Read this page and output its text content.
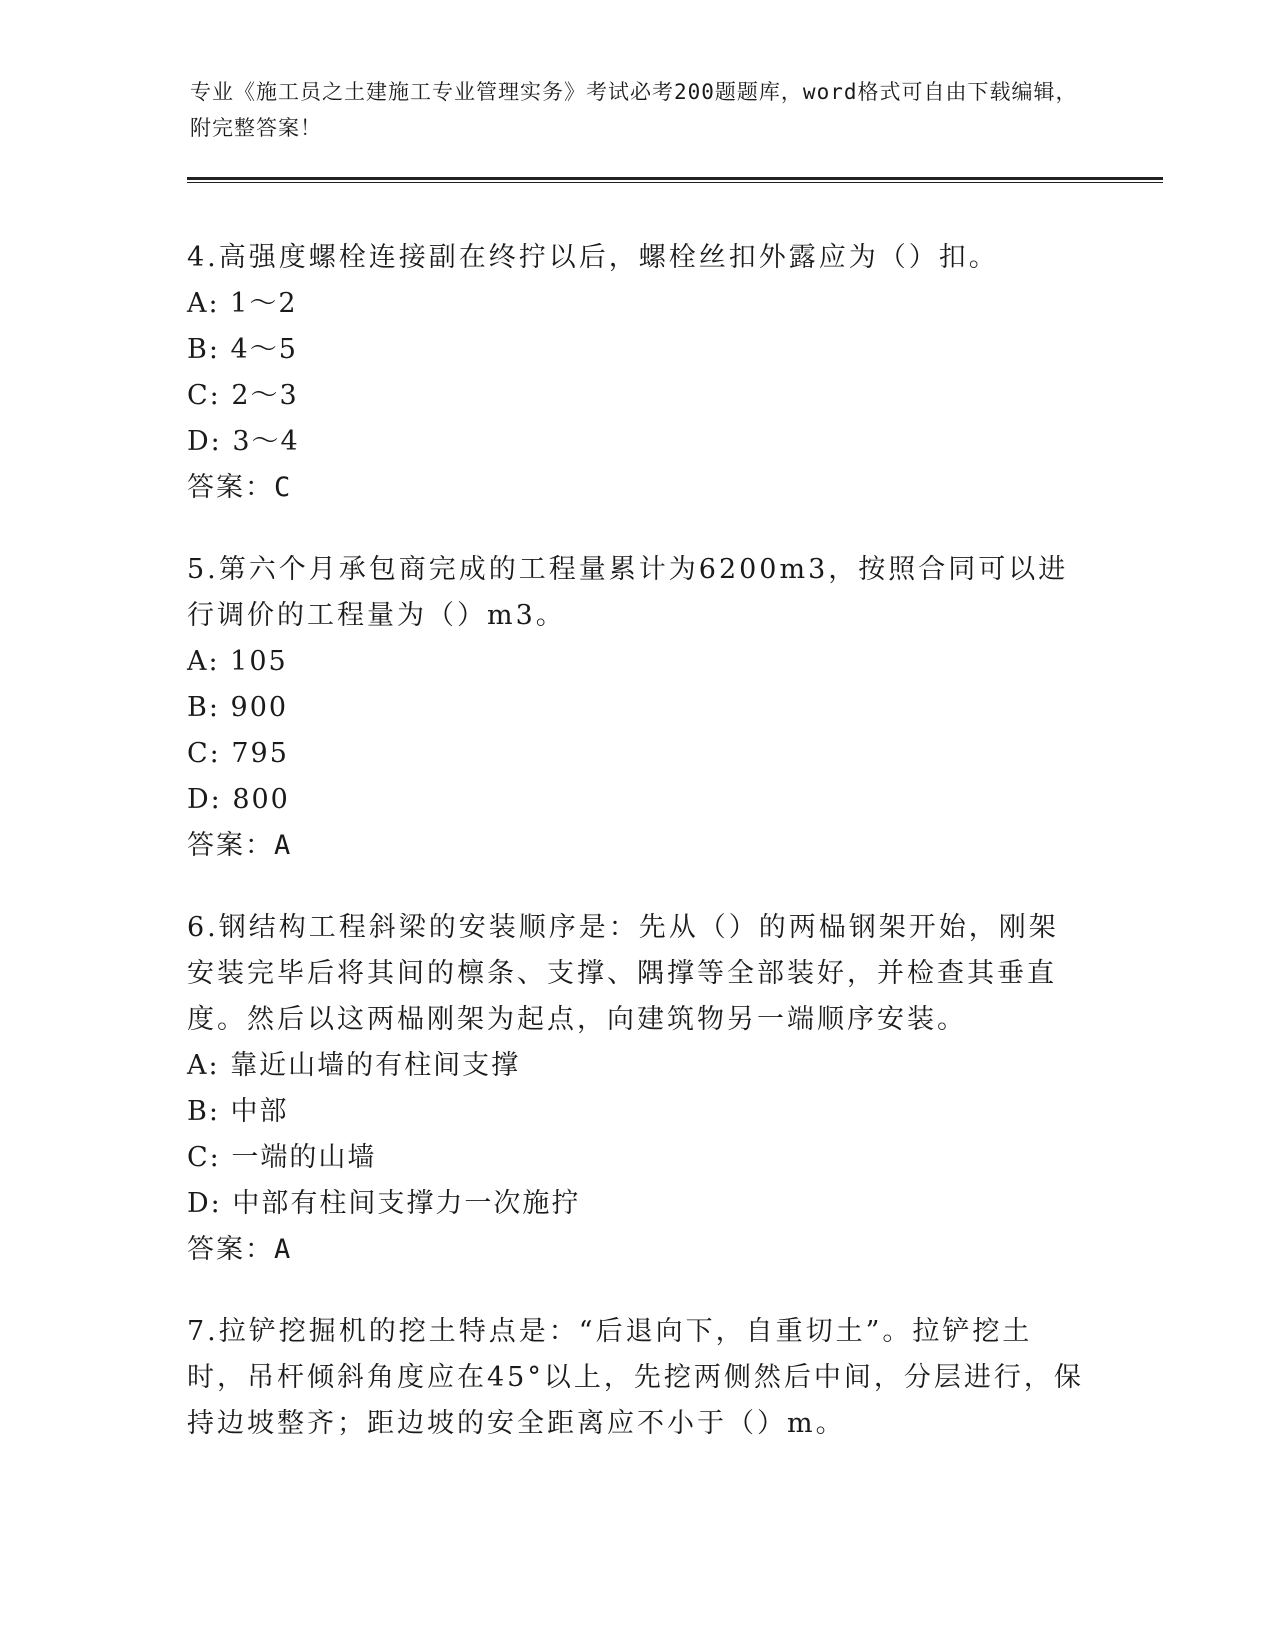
专业《施工员之土建施工专业管理实务》考试必考200题题库，word格式可自由下载编辑，附完整答案！

4.高强度螺栓连接副在终拧以后，螺栓丝扣外露应为（）扣。

A: 1～2

B: 4～5

C: 2～3

D: 3～4

答案：C

5.第六个月承包商完成的工程量累计为6200m3，按照合同可以进行调价的工程量为（）m3。

A: 105

B: 900

C: 795

D: 800

答案：A

6.钢结构工程斜梁的安装顺序是：先从（）的两榀钢架开始，刚架安装完毕后将其间的檩条、支撑、隅撑等全部装好，并检查其垂直度。然后以这两榀刚架为起点，向建筑物另一端顺序安装。

A: 靠近山墙的有柱间支撑

B: 中部

C: 一端的山墙

D: 中部有柱间支撑力一次施拧

答案：A

7.拉铲挖掘机的挖土特点是：“后退向下，自重切土”。拉铲挖土时，吊杆倾斜角度应在45°以上，先挖两侧然后中间，分层进行，保持边坡整齐；距边坡的安全距离应不小于（）m。
